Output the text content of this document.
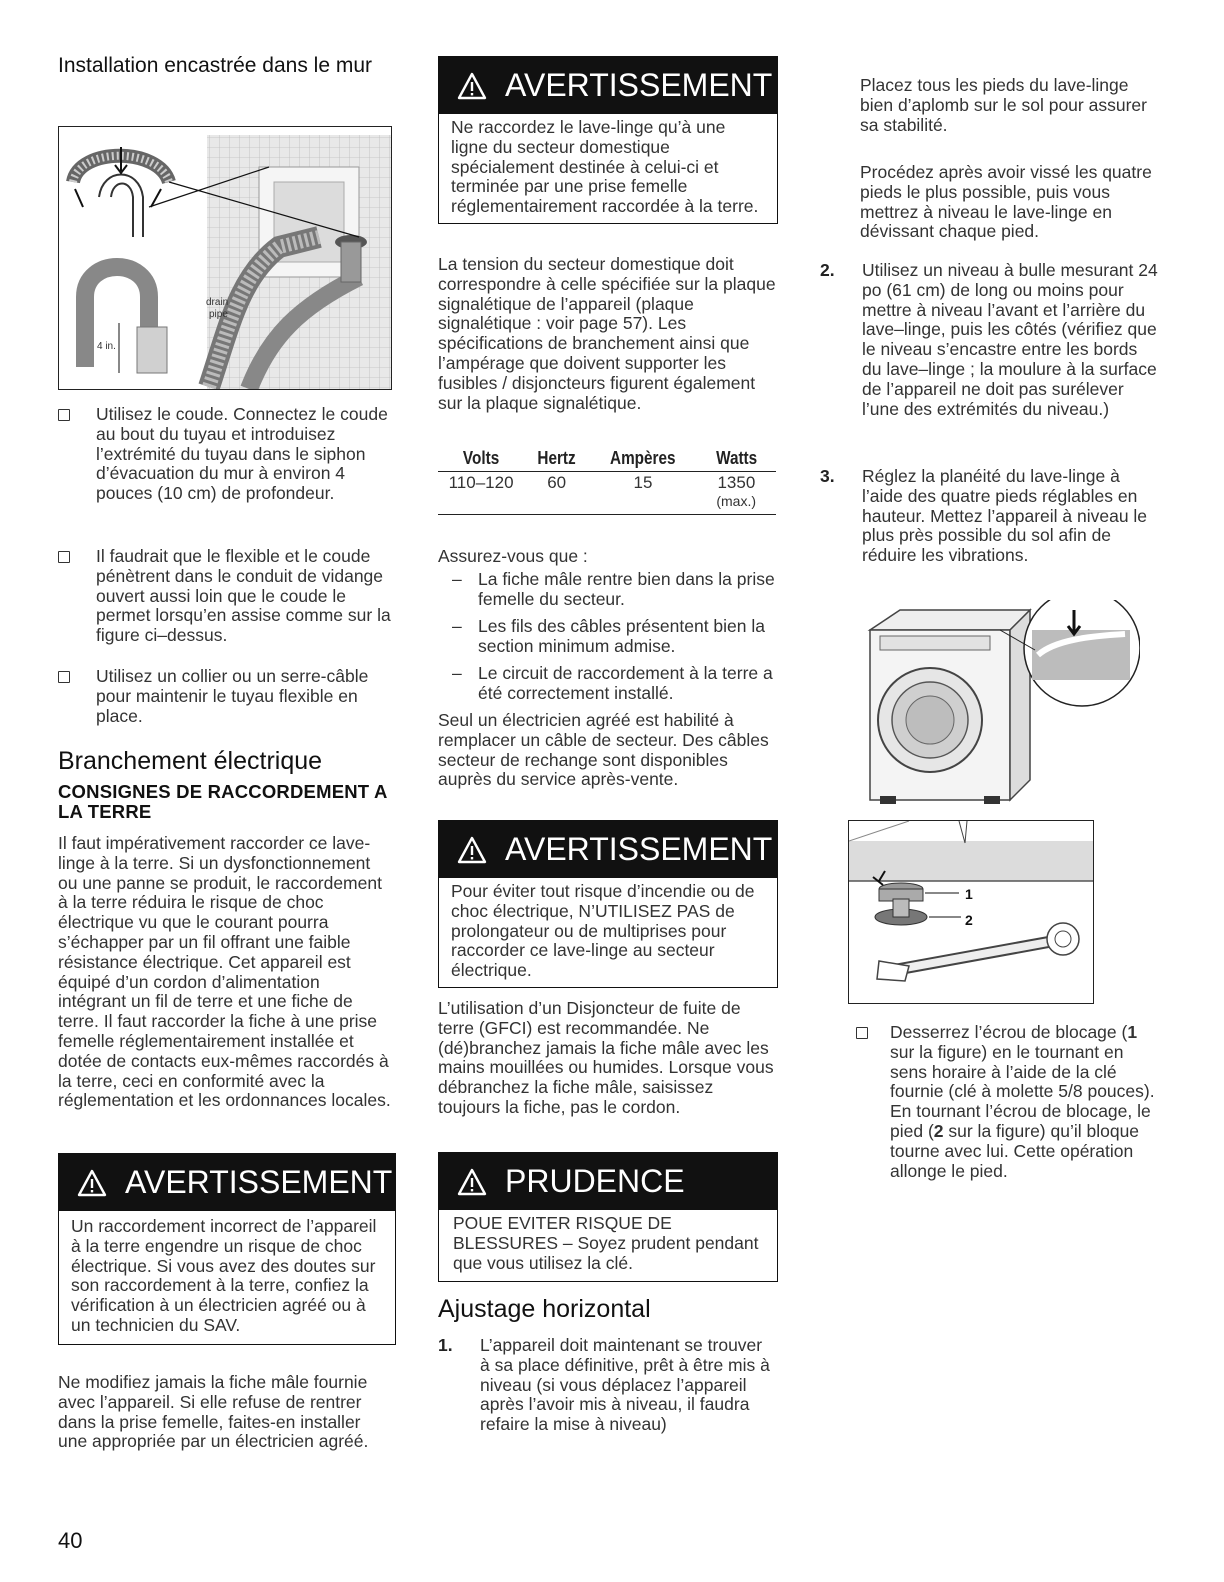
Installation encastrée dans le mur
drain
pipe
4 in.
Utilisez le coude. Connectez le coude au bout du tuyau et introduisez l’extrémité du tuyau dans le siphon d’évacuation du mur à environ 4 pouces (10 cm) de profondeur.
Il faudrait que le flexible et le coude pénètrent dans le conduit de vidange ouvert aussi loin que le coude le permet lorsqu’en assise comme sur la figure ci–dessus.
Utilisez un collier ou un serre-câble pour maintenir le tuyau flexible en place.
Branchement électrique
CONSIGNES DE RACCORDEMENT A LA TERRE
Il faut impérativement raccorder ce lave-linge à la terre. Si un dysfonctionnement ou une panne se produit, le raccordement à la terre réduira le risque de choc électrique vu que le courant pourra s’échapper par un fil offrant une faible résistance électrique. Cet appareil est équipé d’un cordon d’alimentation intégrant un fil de terre et une fiche de terre. Il faut raccorder la fiche à une prise femelle réglementairement installée et dotée de contacts eux-mêmes raccordés à la terre, ceci en conformité avec la réglementation et les ordonnances locales.
AVERTISSEMENT
Un raccordement incorrect de l’appareil à la terre engendre un risque de choc électrique. Si vous avez des doutes sur son raccordement à la terre, confiez la vérification à un électricien agréé ou à un technicien du SAV.
Ne modifiez jamais la fiche mâle fournie avec l’appareil. Si elle refuse de rentrer dans la prise femelle, faites-en installer une appropriée par un électricien agréé.
AVERTISSEMENT
Ne raccordez le lave-linge qu’à une ligne du secteur domestique spécialement destinée à celui-ci et terminée par une prise femelle réglementairement raccordée à la terre.
La tension du secteur domestique doit correspondre à celle spécifiée sur la plaque signalétique de l’appareil (plaque signalétique : voir page 57). Les spécifications de branchement ainsi que l’ampérage que doivent supporter les fusibles / disjoncteurs figurent également sur la plaque signalétique.
Volts	Hertz	Ampères	Watts
110–120	60	15	1350
(max.)
Assurez-vous que :
– La fiche mâle rentre bien dans la prise femelle du secteur.
– Les fils des câbles présentent bien la section minimum admise.
– Le circuit de raccordement à la terre a été correctement installé.
Seul un électricien agréé est habilité à remplacer un câble de secteur. Des câbles secteur de rechange sont disponibles auprès du service après-vente.
AVERTISSEMENT
Pour éviter tout risque d’incendie ou de choc électrique, N’UTILISEZ PAS de prolongateur ou de multiprises pour raccorder ce lave-linge au secteur électrique.
L’utilisation d’un Disjoncteur de fuite de terre (GFCI) est recommandée. Ne (dé)branchez jamais la fiche mâle avec les mains mouillées ou humides. Lorsque vous débranchez la fiche mâle, saisissez toujours la fiche, pas le cordon.
PRUDENCE
POUE EVITER RISQUE DE BLESSURES – Soyez prudent pendant que vous utilisez la clé.
Ajustage horizontal
1. L’appareil doit maintenant se trouver à sa place définitive, prêt à être mis à niveau (si vous déplacez l’appareil après l’avoir mis à niveau, il faudra refaire la mise à niveau)
Placez tous les pieds du lave-linge bien d’aplomb sur le sol pour assurer sa stabilité.
Procédez après avoir vissé les quatre pieds le plus possible, puis vous mettrez à niveau le lave-linge en dévissant chaque pied.
2. Utilisez un niveau à bulle mesurant 24 po (61 cm) de long ou moins pour mettre à niveau l’avant et l’arrière du lave–linge, puis les côtés (vérifiez que le niveau s’encastre entre les bords du lave–linge ; la moulure à la surface de l’appareil ne doit pas surélever l’une des extrémités du niveau.)
3. Réglez la planéité du lave-linge à l’aide des quatre pieds réglables en hauteur. Mettez l’appareil à niveau le plus près possible du sol afin de réduire les vibrations.
1
2
Desserrez l’écrou de blocage (1 sur la figure) en le tournant en sens horaire à l’aide de la clé fournie (clé à molette 5/8 pouces). En tournant l’écrou de blocage, le pied (2 sur la figure) qu’il bloque tourne avec lui. Cette opération allonge le pied.
40
